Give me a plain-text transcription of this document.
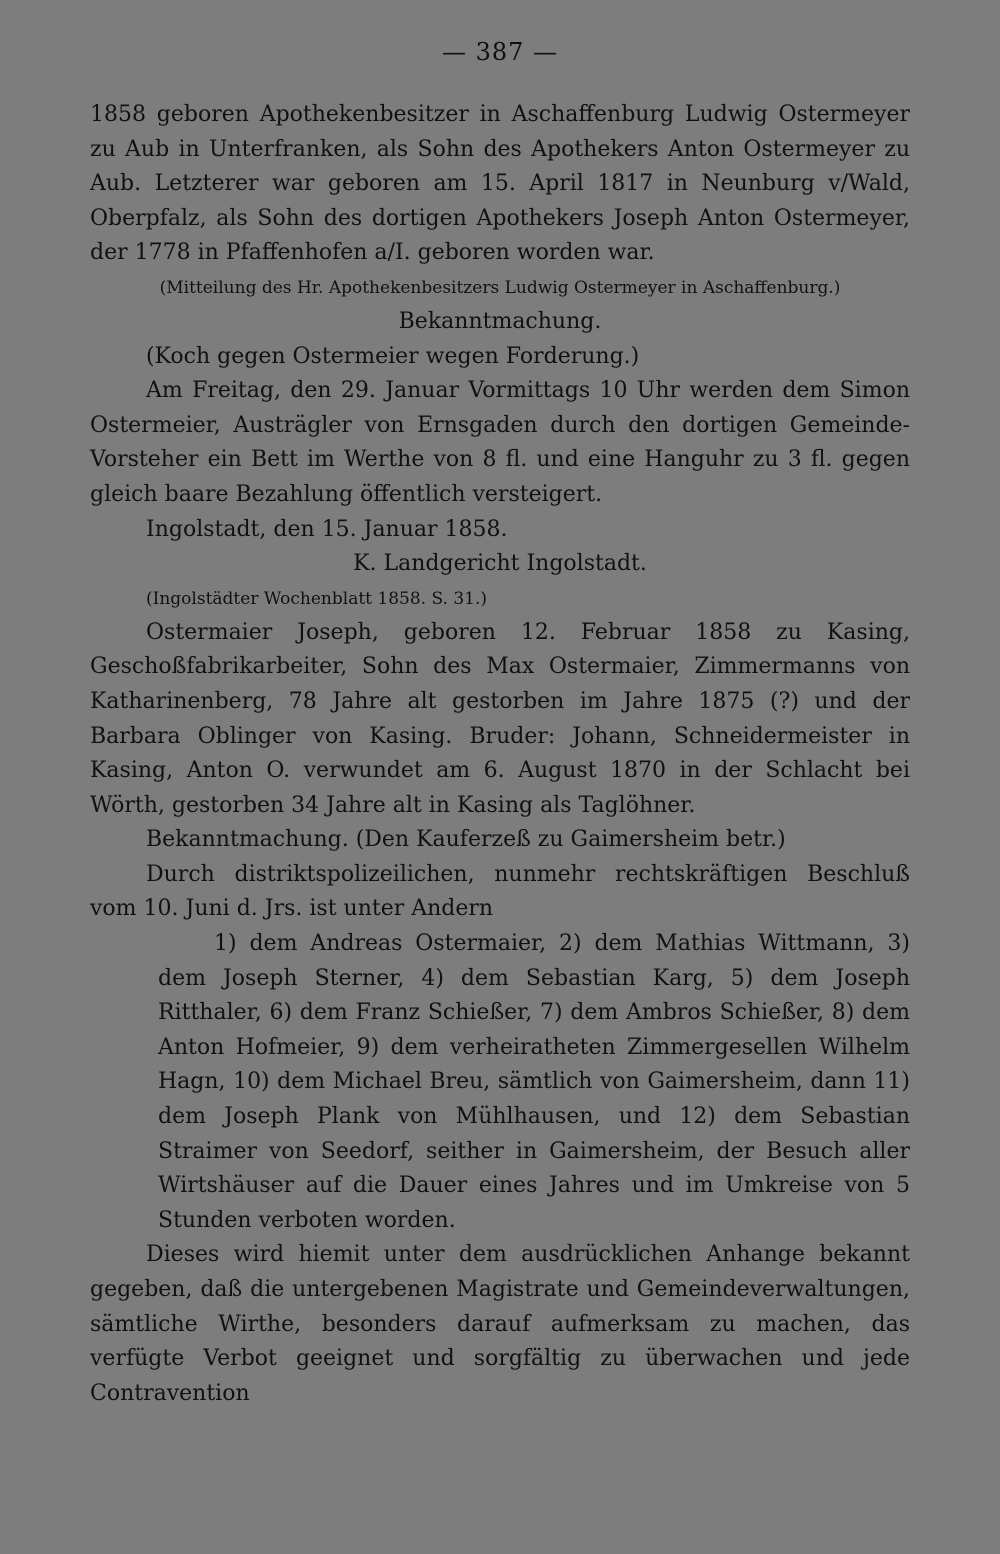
— 387 —

1858 geboren Apothekenbesitzer in Aschaffenburg Ludwig Ostermeyer zu Aub in Unterfranken, als Sohn des Apothekers Anton Ostermeyer zu Aub. Letzterer war geboren am 15. April 1817 in Neunburg v/Wald, Oberpfalz, als Sohn des dortigen Apothekers Joseph Anton Ostermeyer, der 1778 in Pfaffenhofen a/I. geboren worden war.

(Mitteilung des Hr. Apothekenbesitzers Ludwig Ostermeyer in Aschaffenburg.)

Bekanntmachung.

(Koch gegen Ostermeier wegen Forderung.)

Am Freitag, den 29. Januar Vormittags 10 Uhr werden dem Simon Ostermeier, Austrägler von Ernsgaden durch den dortigen Gemeinde-Vorsteher ein Bett im Werthe von 8 fl. und eine Hanguhr zu 3 fl. gegen gleich baare Bezahlung öffentlich versteigert.

Ingolstadt, den 15. Januar 1858.

K. Landgericht Ingolstadt.

(Ingolstädter Wochenblatt 1858. S. 31.)

Ostermaier Joseph, geboren 12. Februar 1858 zu Kasing, Geschoßfabrikarbeiter, Sohn des Max Ostermaier, Zimmermanns von Katharinenberg, 78 Jahre alt gestorben im Jahre 1875 (?) und der Barbara Oblinger von Kasing. Bruder: Johann, Schneidermeister in Kasing, Anton O. verwundet am 6. August 1870 in der Schlacht bei Wörth, gestorben 34 Jahre alt in Kasing als Taglöhner.

Bekanntmachung. (Den Kauferzeß zu Gaimersheim betr.)

Durch distriktspolizeilichen, nunmehr rechtskräftigen Beschluß vom 10. Juni d. Jrs. ist unter Andern

1) dem Andreas Ostermaier, 2) dem Mathias Wittmann, 3) dem Joseph Sterner, 4) dem Sebastian Karg, 5) dem Joseph Ritthaler, 6) dem Franz Schießer, 7) dem Ambros Schießer, 8) dem Anton Hofmeier, 9) dem verheiratheten Zimmergesellen Wilhelm Hagn, 10) dem Michael Breu, sämtlich von Gaimersheim, dann 11) dem Joseph Plank von Mühlhausen, und 12) dem Sebastian Straimer von Seedorf, seither in Gaimersheim, der Besuch aller Wirtshäuser auf die Dauer eines Jahres und im Umkreise von 5 Stunden verboten worden.

Dieses wird hiemit unter dem ausdrücklichen Anhange bekannt gegeben, daß die untergebenen Magistrate und Gemeindeverwaltungen, sämtliche Wirthe, besonders darauf aufmerksam zu machen, das verfügte Verbot geeignet und sorgfältig zu überwachen und jede Contravention
